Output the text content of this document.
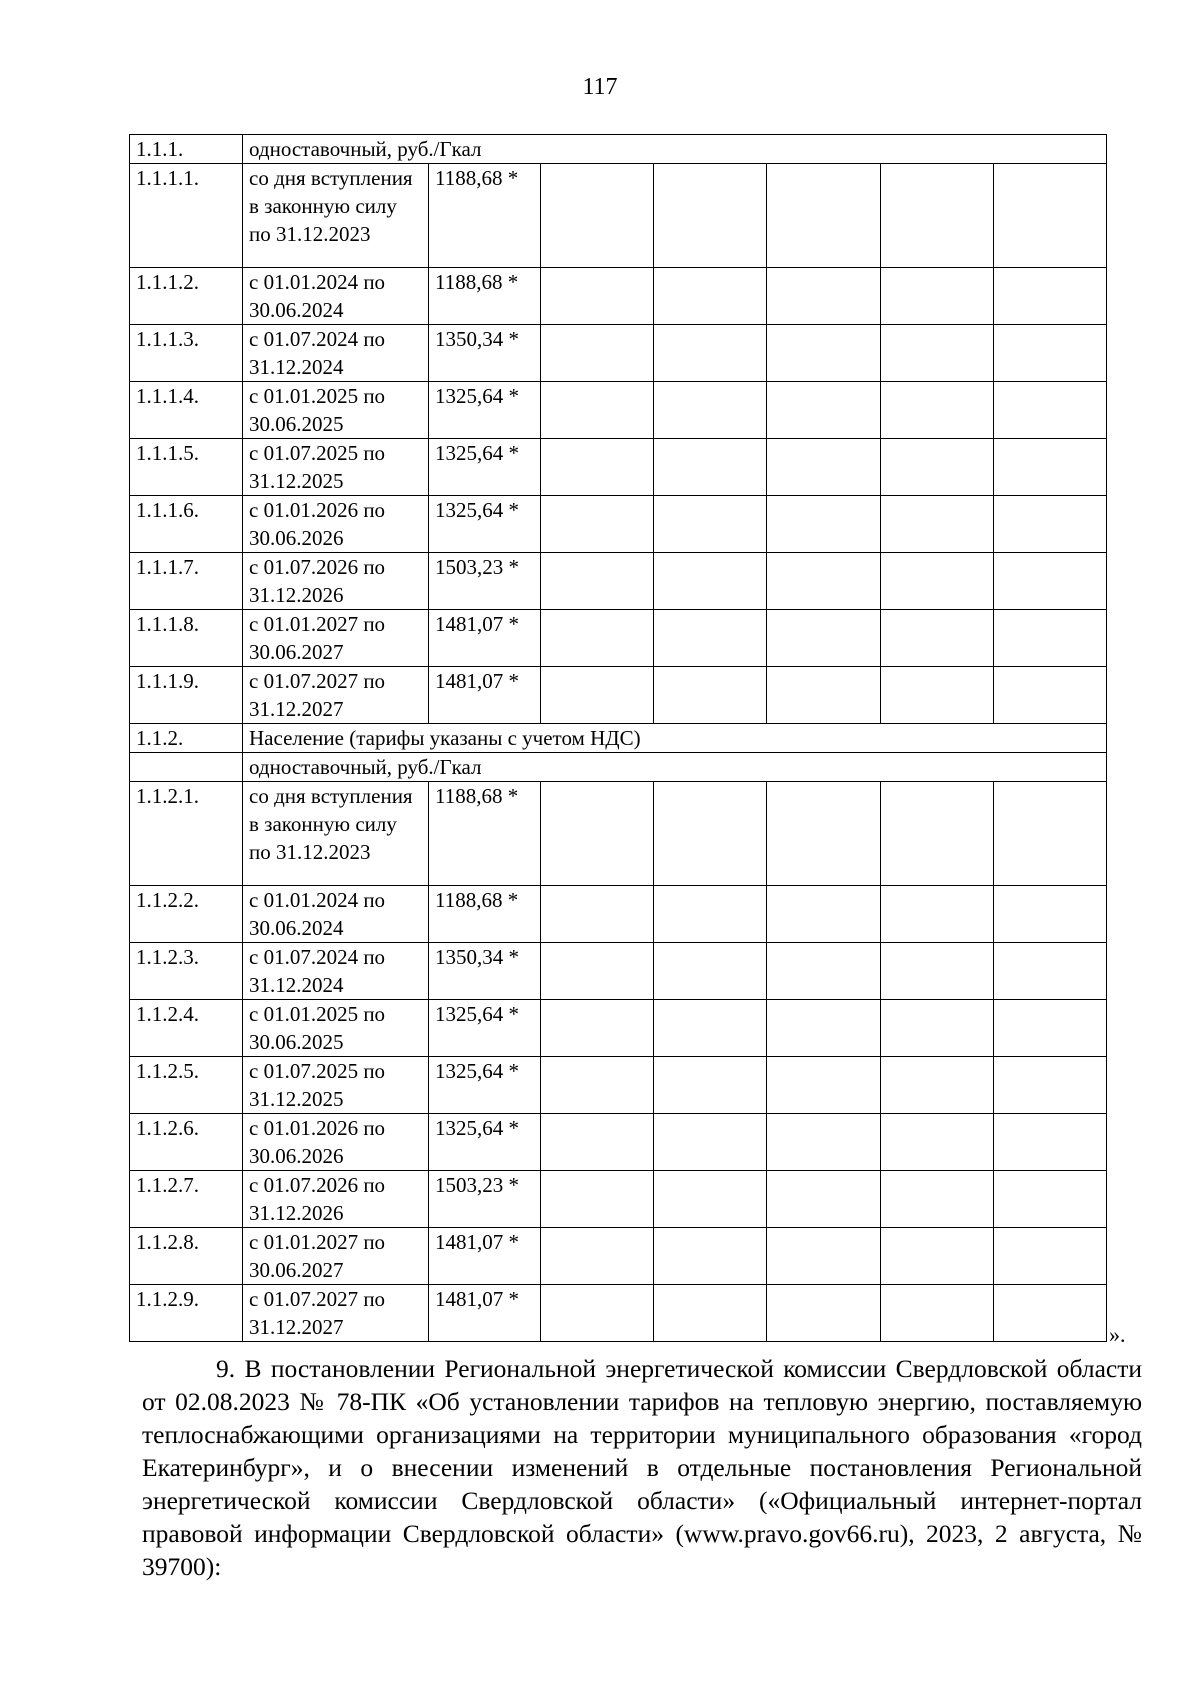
117
1.1.1.	одноставочный, руб./Гкал						
1.1.1.1.	со дня вступления в законную силу по 31.12.2023	1188,68 *					
1.1.1.2.	с 01.01.2024 по 30.06.2024	1188,68 *					
1.1.1.3.	с 01.07.2024 по 31.12.2024	1350,34 *					
1.1.1.4.	с 01.01.2025 по 30.06.2025	1325,64 *					
1.1.1.5.	с 01.07.2025 по 31.12.2025	1325,64 *					
1.1.1.6.	с 01.01.2026 по 30.06.2026	1325,64 *					
1.1.1.7.	с 01.07.2026 по 31.12.2026	1503,23 *					
1.1.1.8.	с 01.01.2027 по 30.06.2027	1481,07 *					
1.1.1.9.	с 01.07.2027 по 31.12.2027	1481,07 *					
1.1.2.	Население (тарифы указаны с учетом НДС)						
	одноставочный, руб./Гкал						
1.1.2.1.	со дня вступления в законную силу по 31.12.2023	1188,68 *					
1.1.2.2.	с 01.01.2024 по 30.06.2024	1188,68 *					
1.1.2.3.	с 01.07.2024 по 31.12.2024	1350,34 *					
1.1.2.4.	с 01.01.2025 по 30.06.2025	1325,64 *					
1.1.2.5.	с 01.07.2025 по 31.12.2025	1325,64 *					
1.1.2.6.	с 01.01.2026 по 30.06.2026	1325,64 *					
1.1.2.7.	с 01.07.2026 по 31.12.2026	1503,23 *					
1.1.2.8.	с 01.01.2027 по 30.06.2027	1481,07 *					
1.1.2.9.	с 01.07.2027 по 31.12.2027	1481,07 *					
».

9. В постановлении Региональной энергетической комиссии Свердловской области от 02.08.2023 № 78-ПК «Об установлении тарифов на тепловую энергию, поставляемую теплоснабжающими организациями на территории муниципального образования «город Екатеринбург», и о внесении изменений в отдельные постановления Региональной энергетической комиссии Свердловской области» («Официальный интернет-портал правовой информации Свердловской области» (www.pravo.gov66.ru), 2023, 2 августа, № 39700):
